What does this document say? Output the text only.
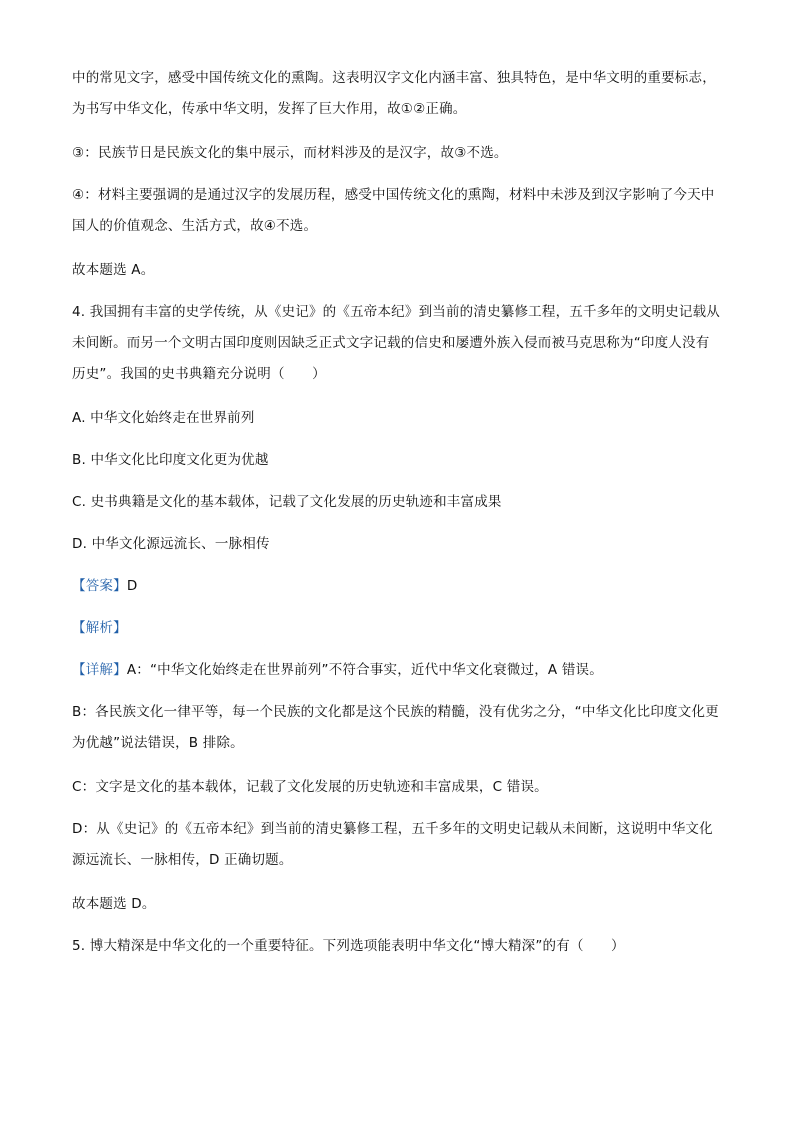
中的常见文字，感受中国传统文化的熏陶。这表明汉字文化内涵丰富、独具特色，是中华文明的重要标志，为书写中华文化，传承中华文明，发挥了巨大作用，故①②正确。

③：民族节日是民族文化的集中展示，而材料涉及的是汉字，故③不选。

④：材料主要强调的是通过汉字的发展历程，感受中国传统文化的熏陶，材料中未涉及到汉字影响了今天中国人的价值观念、生活方式，故④不选。

故本题选 A。

4. 我国拥有丰富的史学传统，从《史记》的《五帝本纪》到当前的清史纂修工程，五千多年的文明史记载从未间断。而另一个文明古国印度则因缺乏正式文字记载的信史和屡遭外族入侵而被马克思称为“印度人没有历史”。我国的史书典籍充分说明（　　）

A. 中华文化始终走在世界前列

B. 中华文化比印度文化更为优越

C. 史书典籍是文化的基本载体，记载了文化发展的历史轨迹和丰富成果

D. 中华文化源远流长、一脉相传

【答案】D

【解析】

【详解】A：“中华文化始终走在世界前列”不符合事实，近代中华文化衰微过，A 错误。

B：各民族文化一律平等，每一个民族的文化都是这个民族的精髓，没有优劣之分，“中华文化比印度文化更为优越”说法错误，B 排除。

C：文字是文化的基本载体，记载了文化发展的历史轨迹和丰富成果，C 错误。

D：从《史记》的《五帝本纪》到当前的清史纂修工程，五千多年的文明史记载从未间断，这说明中华文化源远流长、一脉相传，D 正确切题。

故本题选 D。

5. 博大精深是中华文化的一个重要特征。下列选项能表明中华文化“博大精深”的有（　　）
